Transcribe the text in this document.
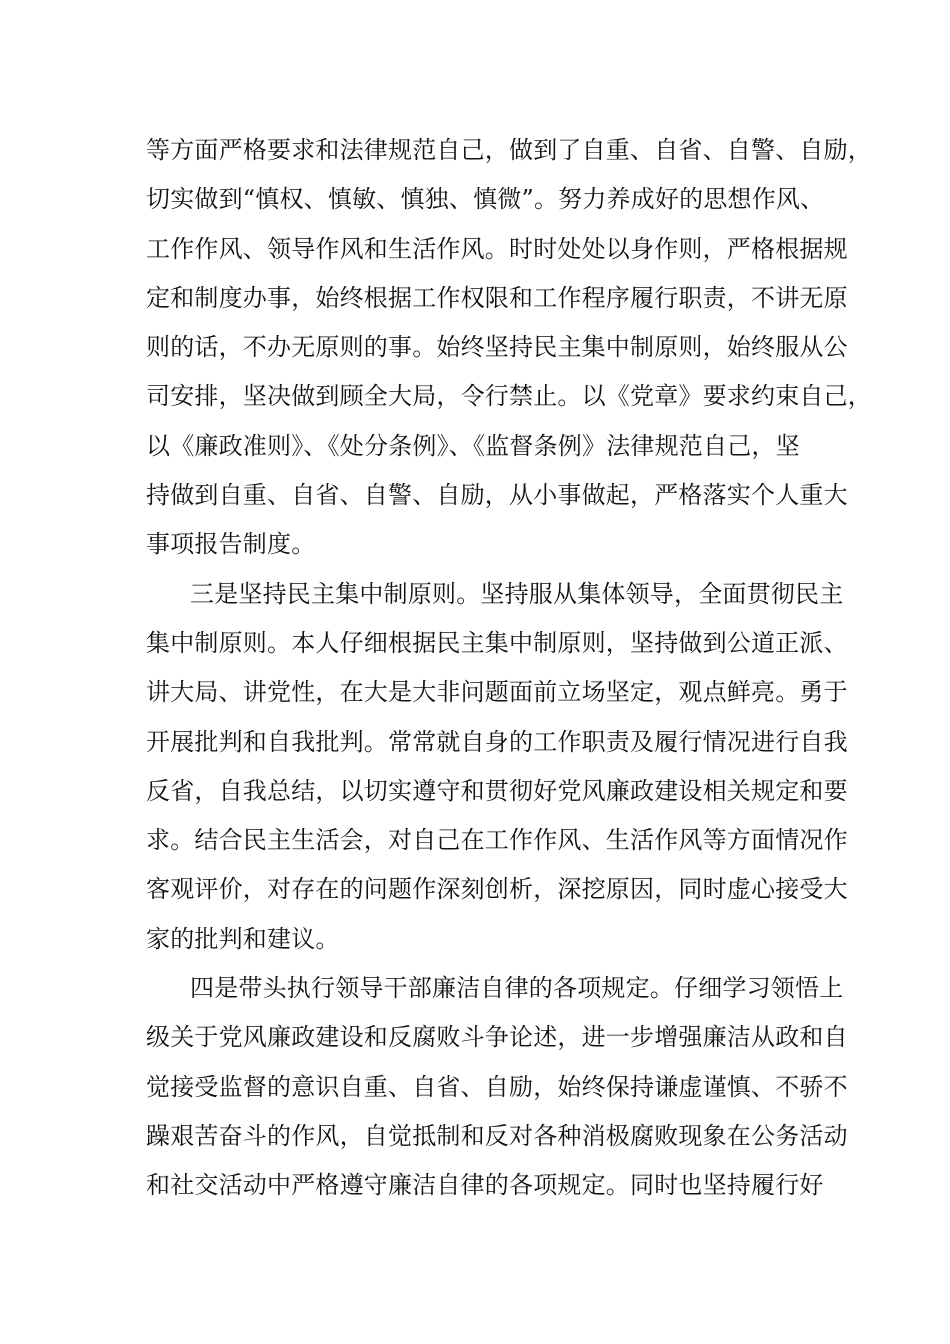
等方面严格要求和法律规范自己，做到了自重、自省、自警、自励，
切实做到“慎权、慎敏、慎独、慎微”。努力养成好的思想作风、
工作作风、领导作风和生活作风。时时处处以身作则，严格根据规
定和制度办事，始终根据工作权限和工作程序履行职责，不讲无原
则的话，不办无原则的事。始终坚持民主集中制原则，始终服从公
司安排，坚决做到顾全大局，令行禁止。以《党章》要求约束自己，
以《廉政准则》、《处分条例》、《监督条例》法律规范自己，坚
持做到自重、自省、自警、自励，从小事做起，严格落实个人重大
事项报告制度。
三是坚持民主集中制原则。坚持服从集体领导，全面贯彻民主
集中制原则。本人仔细根据民主集中制原则，坚持做到公道正派、
讲大局、讲党性，在大是大非问题面前立场坚定，观点鲜亮。勇于
开展批判和自我批判。常常就自身的工作职责及履行情况进行自我
反省，自我总结，以切实遵守和贯彻好党风廉政建设相关规定和要
求。结合民主生活会，对自己在工作作风、生活作风等方面情况作
客观评价，对存在的问题作深刻创析，深挖原因，同时虚心接受大
家的批判和建议。
四是带头执行领导干部廉洁自律的各项规定。仔细学习领悟上
级关于党风廉政建设和反腐败斗争论述，进一步增强廉洁从政和自
觉接受监督的意识自重、自省、自励，始终保持谦虚谨慎、不骄不
躁艰苦奋斗的作风，自觉抵制和反对各种消极腐败现象在公务活动
和社交活动中严格遵守廉洁自律的各项规定。同时也坚持履行好
